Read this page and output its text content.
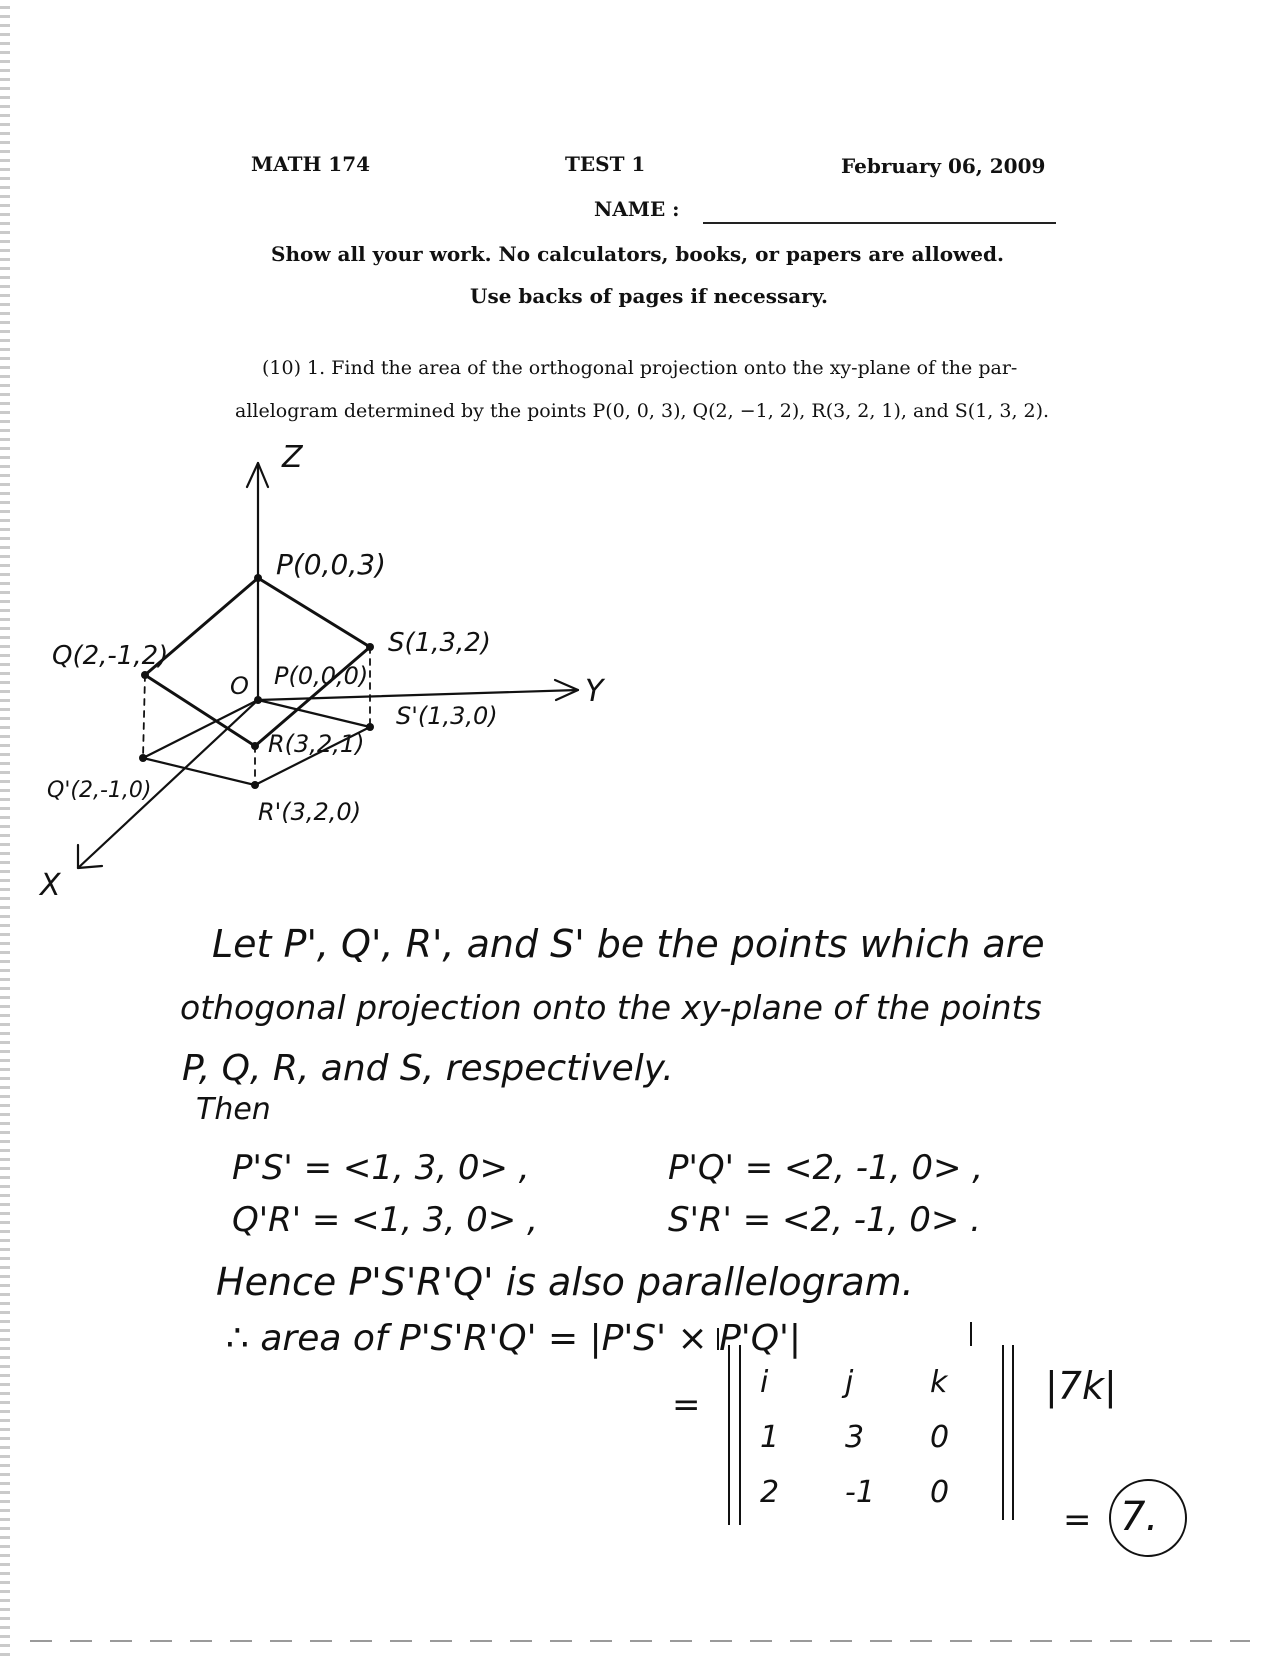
MATH 174	TEST 1	February 06, 2009
NAME :
Show all your work. No calculators, books, or papers are allowed.
Use backs of pages if necessary.
(10) 1. Find the area of the orthogonal projection onto the xy-plane of the par-
allelogram determined by the points P(0, 0, 3), Q(2, −1, 2), R(3, 2, 1), and S(1, 3, 2).
Z
Y
X
O
P(0,0,3)
Q(2,-1,2)	S(1,3,2)
P(0,0,0)
S'(1,3,0)
R(3,2,1)
Q'(2,-1,0)
R'(3,2,0)
Let P', Q', R', and S' be the points which are
othogonal projection onto the xy-plane of the points
P, Q, R, and S, respectively.
Then
P'S' = <1, 3, 0> ,	P'Q' = <2, -1, 0> ,
Q'R' = <1, 3, 0> ,	S'R' = <2, -1, 0> .
Hence P'S'R'Q' is also parallelogram.
∴ area of P'S'R'Q' = |P'S' × P'Q'|
=
i	j	k
1	3	0
2	-1	0
|7k|
= 7.
